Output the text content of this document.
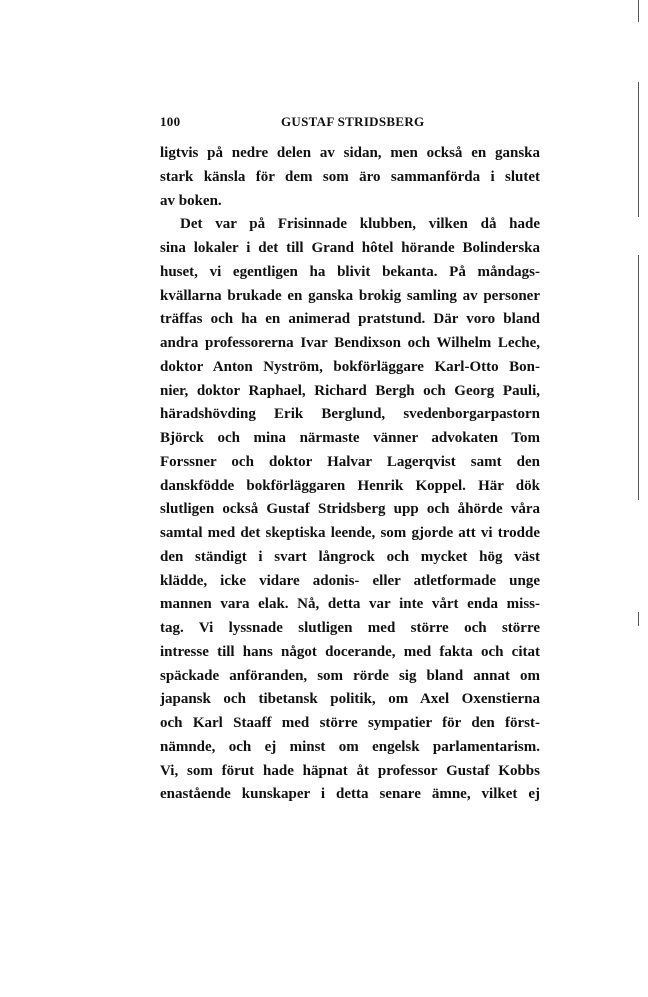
100	GUSTAF STRIDSBERG
ligtvis på nedre delen av sidan, men också en ganska
stark känsla för dem som äro sammanförda i slutet
av boken.
Det var på Frisinnade klubben, vilken då hade
sina lokaler i det till Grand hôtel hörande Bolinderska
huset, vi egentligen ha blivit bekanta. På måndags-
kvällarna brukade en ganska brokig samling av personer
träffas och ha en animerad pratstund. Där voro bland
andra professorerna Ivar Bendixson och Wilhelm Leche,
doktor Anton Nyström, bokförläggare Karl-Otto Bon-
nier, doktor Raphael, Richard Bergh och Georg Pauli,
häradshövding Erik Berglund, svedenborgarpastorn
Björck och mina närmaste vänner advokaten Tom
Forssner och doktor Halvar Lagerqvist samt den
danskfödde bokförläggaren Henrik Koppel. Här dök
slutligen också Gustaf Stridsberg upp och åhörde våra
samtal med det skeptiska leende, som gjorde att vi trodde
den ständigt i svart långrock och mycket hög väst
klädde, icke vidare adonis- eller atletformade unge
mannen vara elak. Nå, detta var inte vårt enda miss-
tag. Vi lyssnade slutligen med större och större
intresse till hans något docerande, med fakta och citat
späckade anföranden, som rörde sig bland annat om
japansk och tibetansk politik, om Axel Oxenstierna
och Karl Staaff med större sympatier för den först-
nämnde, och ej minst om engelsk parlamentarism.
Vi, som förut hade häpnat åt professor Gustaf Kobbs
enastående kunskaper i detta senare ämne, vilket ej
